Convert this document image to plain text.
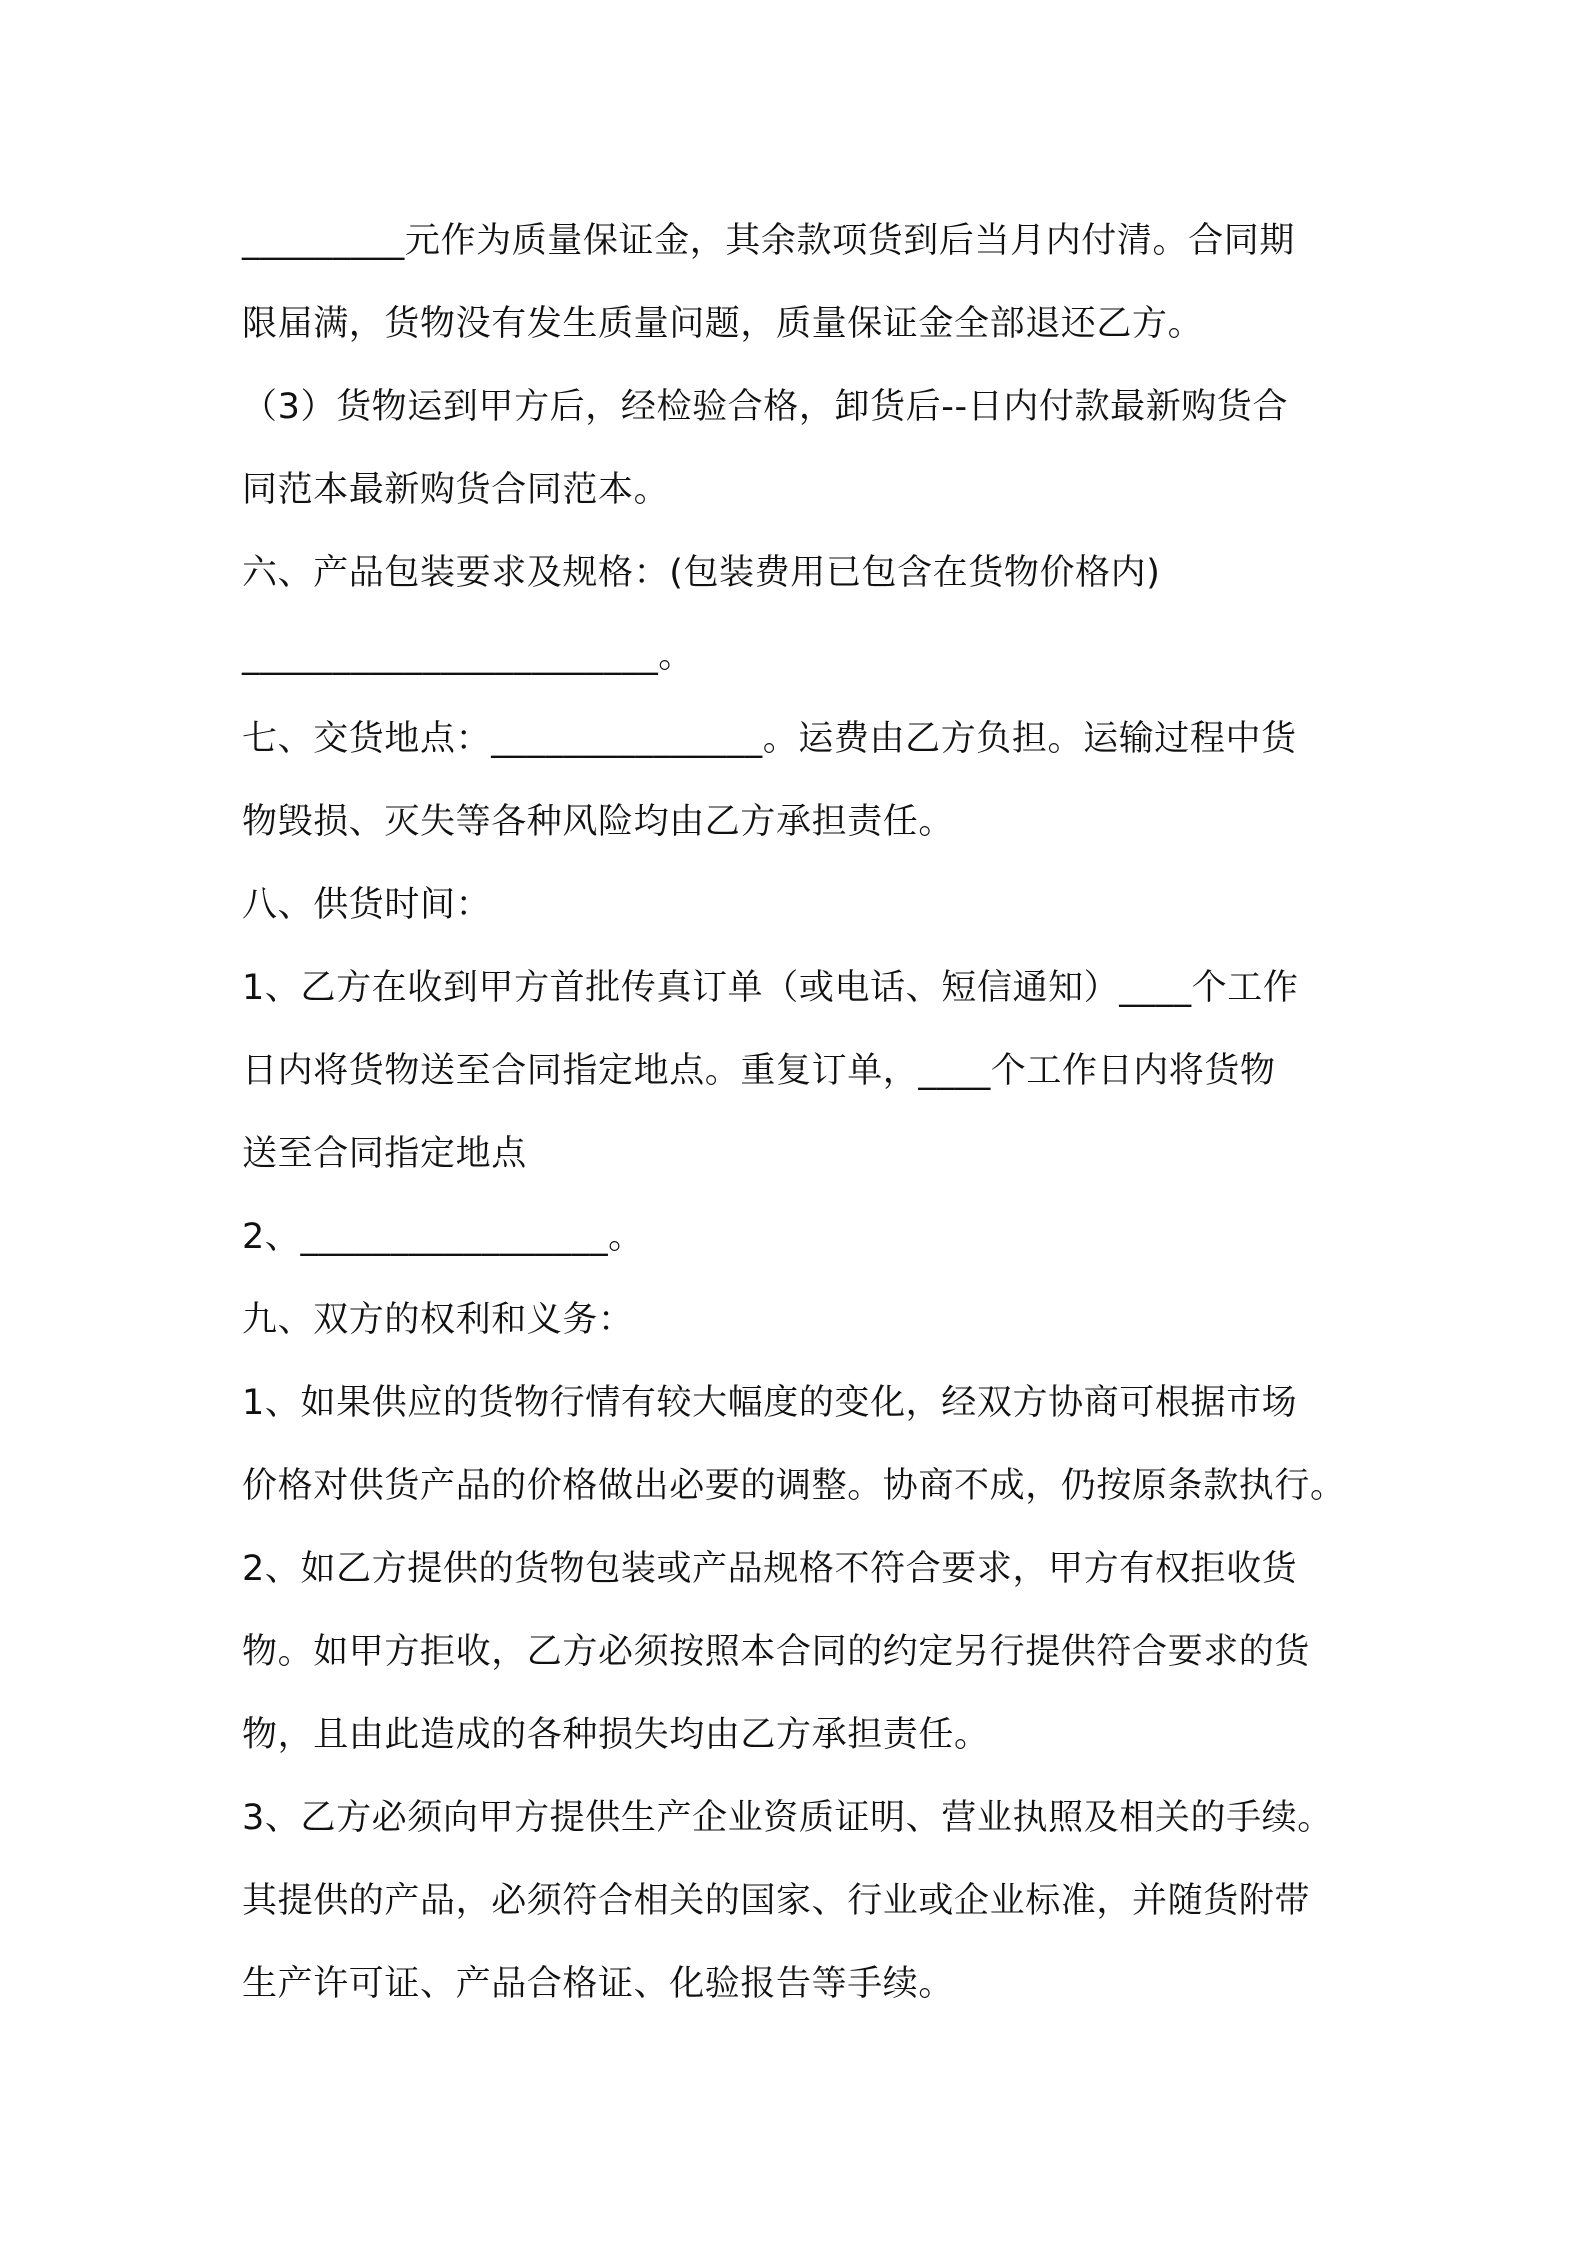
_________元作为质量保证金，其余款项货到后当月内付清。合同期
限届满，货物没有发生质量问题，质量保证金全部退还乙方。
（3）货物运到甲方后，经检验合格，卸货后--日内付款最新购货合
同范本最新购货合同范本。
六、产品包装要求及规格：(包装费用已包含在货物价格内)
_______________________。
七、交货地点：_______________。运费由乙方负担。运输过程中货
物毁损、灭失等各种风险均由乙方承担责任。
八、供货时间：
1、乙方在收到甲方首批传真订单（或电话、短信通知）____个工作
日内将货物送至合同指定地点。重复订单，____个工作日内将货物
送至合同指定地点
2、_________________。
九、双方的权利和义务：
1、如果供应的货物行情有较大幅度的变化，经双方协商可根据市场
价格对供货产品的价格做出必要的调整。协商不成，仍按原条款执行。
2、如乙方提供的货物包装或产品规格不符合要求，甲方有权拒收货
物。如甲方拒收，乙方必须按照本合同的约定另行提供符合要求的货
物，且由此造成的各种损失均由乙方承担责任。
3、乙方必须向甲方提供生产企业资质证明、营业执照及相关的手续。
其提供的产品，必须符合相关的国家、行业或企业标准，并随货附带
生产许可证、产品合格证、化验报告等手续。
